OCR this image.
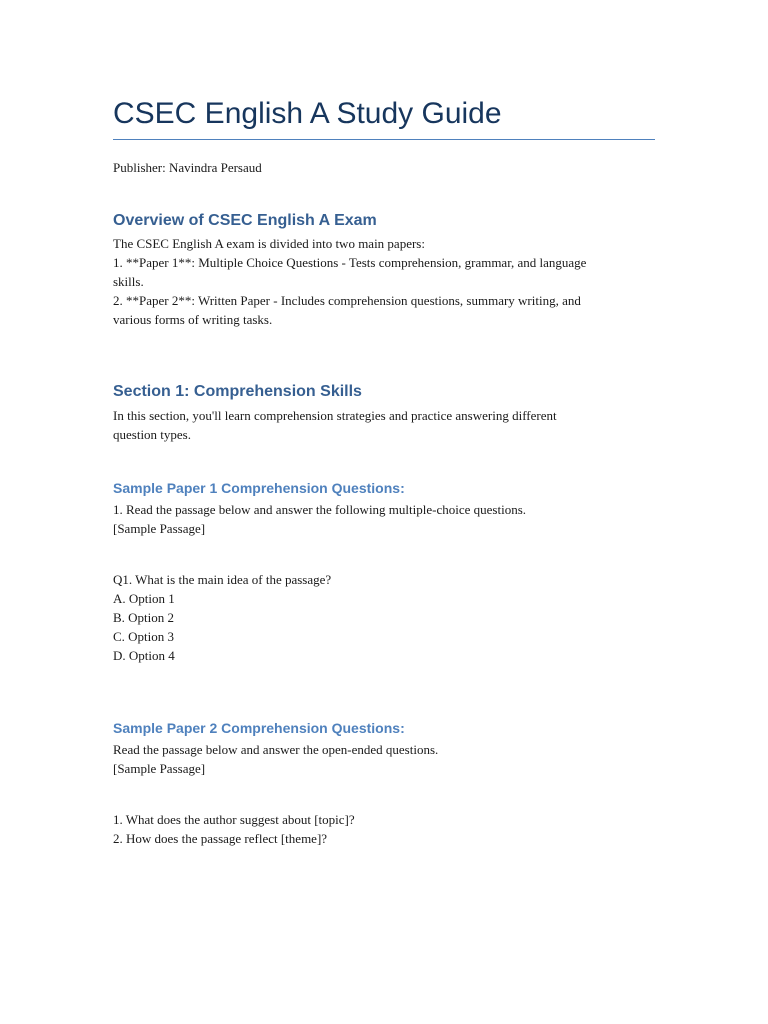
CSEC English A Study Guide
Publisher: Navindra Persaud
Overview of CSEC English A Exam
The CSEC English A exam is divided into two main papers:
1. **Paper 1**: Multiple Choice Questions - Tests comprehension, grammar, and language
skills.
2. **Paper 2**: Written Paper - Includes comprehension questions, summary writing, and
various forms of writing tasks.
Section 1: Comprehension Skills
In this section, you'll learn comprehension strategies and practice answering different
question types.
Sample Paper 1 Comprehension Questions:
1. Read the passage below and answer the following multiple-choice questions.
[Sample Passage]
Q1. What is the main idea of the passage?
A. Option 1
B. Option 2
C. Option 3
D. Option 4
Sample Paper 2 Comprehension Questions:
Read the passage below and answer the open-ended questions.
[Sample Passage]
1. What does the author suggest about [topic]?
2. How does the passage reflect [theme]?
